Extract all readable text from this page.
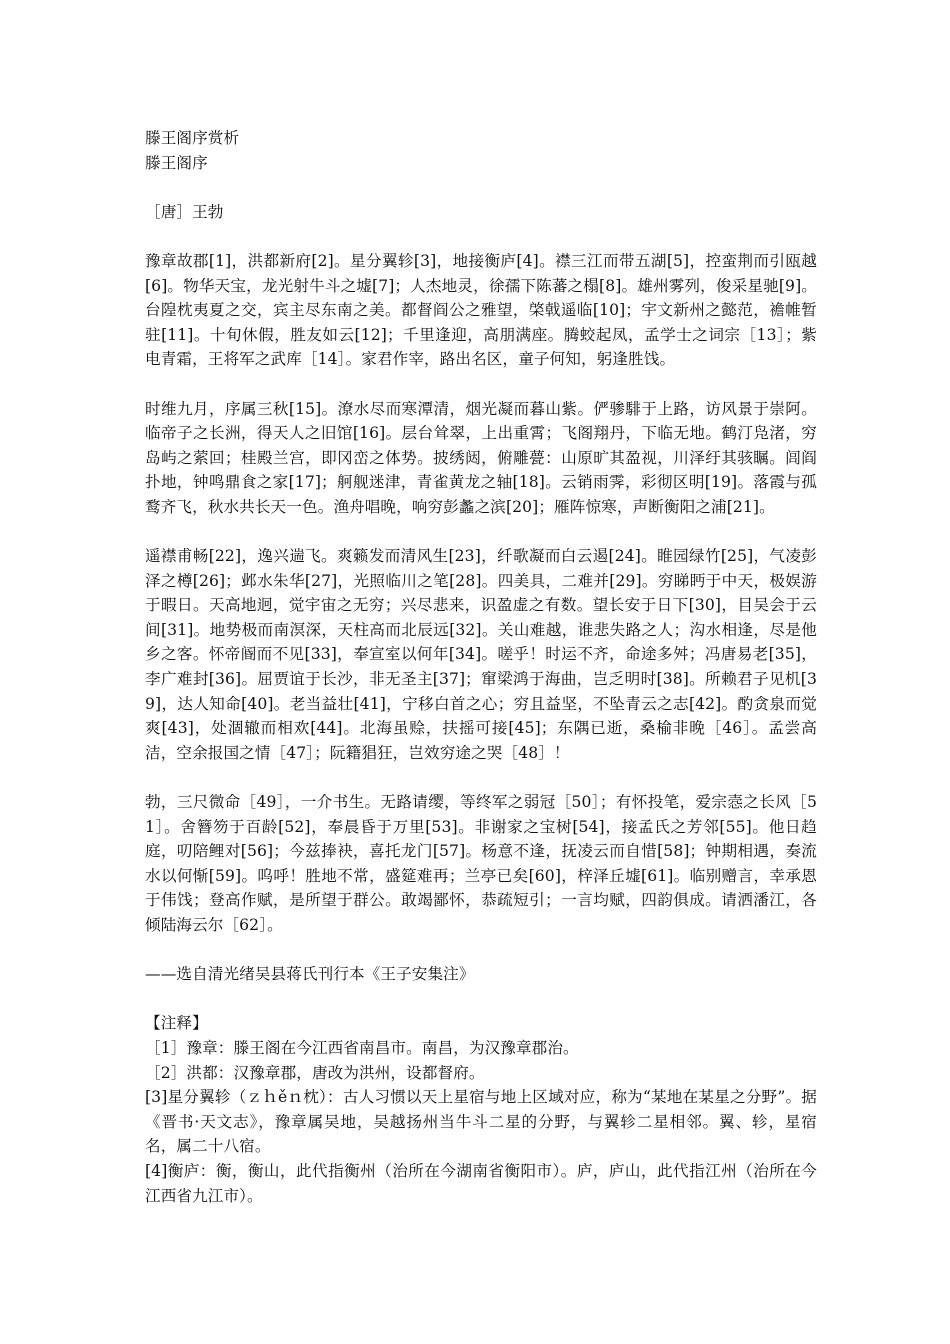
滕王阁序赏析
滕王阁序
［唐］王勃
豫章故郡[1]，洪都新府[2]。星分翼轸[3]，地接衡庐[4]。襟三江而带五湖[5]，控蛮荆而引瓯越[6]。物华天宝，龙光射牛斗之墟[7]；人杰地灵，徐孺下陈蕃之榻[8]。雄州雾列，俊采星驰[9]。台隍枕夷夏之交，宾主尽东南之美。都督阎公之雅望，棨戟遥临[10]；宇文新州之懿范，襜帷暂驻[11]。十旬休假，胜友如云[12]；千里逢迎，高朋满座。腾蛟起凤，孟学士之词宗［13］；紫电青霜，王将军之武库［14］。家君作宰，路出名区，童子何知，躬逢胜饯。
时维九月，序属三秋[15]。潦水尽而寒潭清，烟光凝而暮山紫。俨骖騑于上路，访风景于崇阿。临帝子之长洲，得天人之旧馆[16]。层台耸翠，上出重霄；飞阁翔丹，下临无地。鹤汀凫渚，穷岛屿之萦回；桂殿兰宫，即冈峦之体势。披绣闼，俯雕甍：山原旷其盈视，川泽纡其骇瞩。闾阎扑地，钟鸣鼎食之家[17]；舸舰迷津，青雀黄龙之轴[18]。云销雨霁，彩彻区明[19]。落霞与孤鹜齐飞，秋水共长天一色。渔舟唱晚，响穷彭蠡之滨[20]；雁阵惊寒，声断衡阳之浦[21]。
遥襟甫畅[22]，逸兴遄飞。爽籁发而清风生[23]，纤歌凝而白云遏[24]。睢园绿竹[25]，气凌彭泽之樽[26]；邺水朱华[27]，光照临川之笔[28]。四美具，二难并[29]。穷睇眄于中天，极娱游于暇日。天高地迥，觉宇宙之无穷；兴尽悲来，识盈虚之有数。望长安于日下[30]，目吴会于云间[31]。地势极而南溟深，天柱高而北辰远[32]。关山难越，谁悲失路之人；沟水相逢，尽是他乡之客。怀帝阍而不见[33]，奉宣室以何年[34]。嗟乎！时运不齐，命途多舛；冯唐易老[35]，李广难封[36]。屈贾谊于长沙，非无圣主[37]；窜梁鸿于海曲，岂乏明时[38]。所赖君子见机[39]，达人知命[40]。老当益壮[41]，宁移白首之心；穷且益坚，不坠青云之志[42]。酌贪泉而觉爽[43]，处涸辙而相欢[44]。北海虽赊，扶摇可接[45]；东隅已逝，桑榆非晚［46］。孟尝高洁，空余报国之情［47］；阮籍猖狂，岂效穷途之哭［48］！
勃，三尺微命［49］，一介书生。无路请缨，等终军之弱冠［50］；有怀投笔，爱宗悫之长风［51］。舍簪笏于百龄[52]，奉晨昏于万里[53]。非谢家之宝树[54]，接孟氏之芳邻[55]。他日趋庭，叨陪鲤对[56]；今兹捧袂，喜托龙门[57]。杨意不逢，抚凌云而自惜[58]；钟期相遇，奏流水以何惭[59]。呜呼！胜地不常，盛筵难再；兰亭已矣[60]，梓泽丘墟[61]。临别赠言，幸承恩于伟饯；登高作赋，是所望于群公。敢竭鄙怀，恭疏短引；一言均赋，四韵俱成。请洒潘江，各倾陆海云尔［62］。
——选自清光绪吴县蒋氏刊行本《王子安集注》
【注释】
［1］豫章：滕王阁在今江西省南昌市。南昌，为汉豫章郡治。
［2］洪都：汉豫章郡，唐改为洪州，设都督府。
[3]星分翼轸（ｚｈěｎ枕）：古人习惯以天上星宿与地上区域对应，称为“某地在某星之分野”。据《晋书·天文志》，豫章属吴地，吴越扬州当牛斗二星的分野，与翼轸二星相邻。翼、轸，星宿名，属二十八宿。
[4]衡庐：衡，衡山，此代指衡州（治所在今湖南省衡阳市）。庐，庐山，此代指江州（治所在今江西省九江市）。
